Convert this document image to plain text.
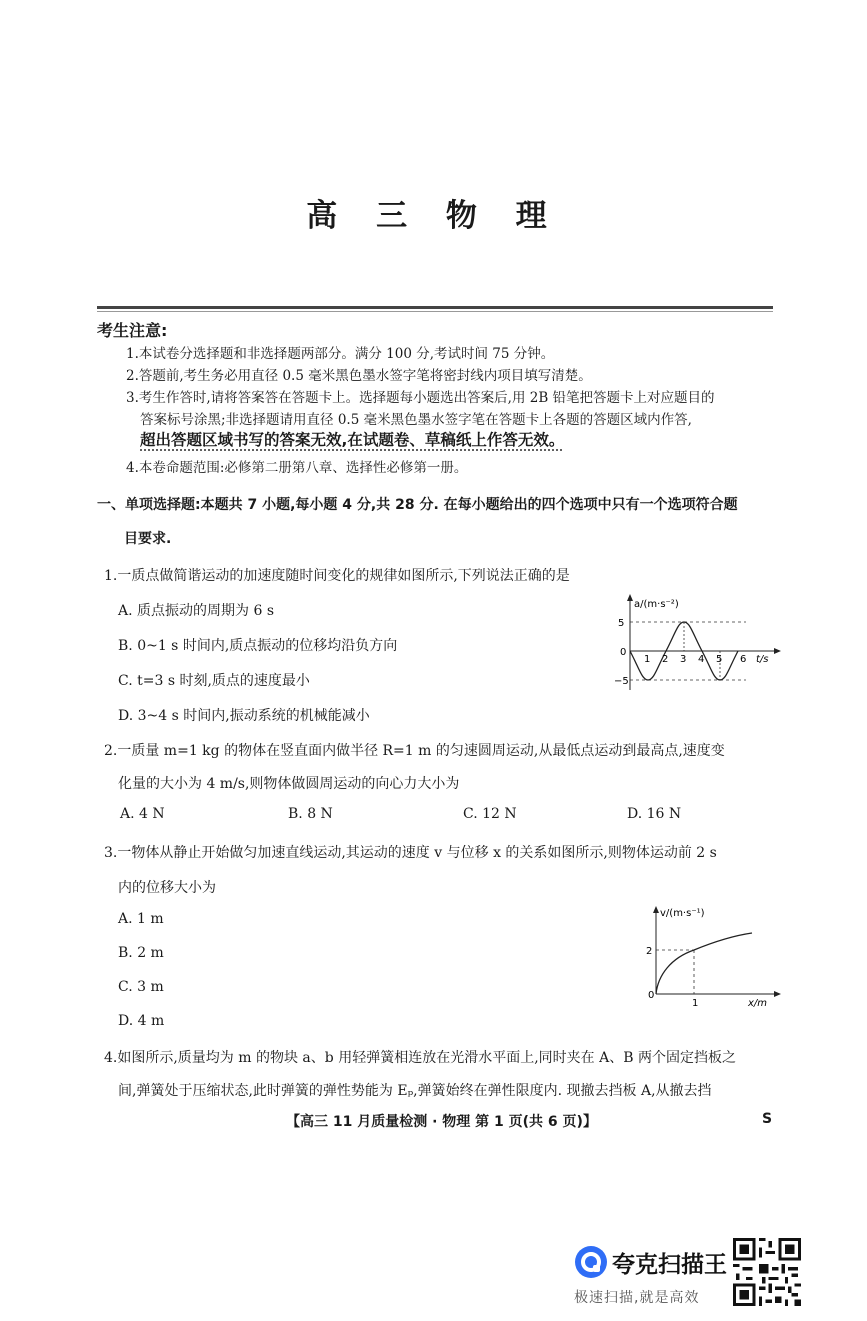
高 三 物 理
考生注意:
1.本试卷分选择题和非选择题两部分。满分 100 分,考试时间 75 分钟。
2.答题前,考生务必用直径 0.5 毫米黑色墨水签字笔将密封线内项目填写清楚。
3.考生作答时,请将答案答在答题卡上。选择题每小题选出答案后,用 2B 铅笔把答题卡上对应题目的
答案标号涂黑;非选择题请用直径 0.5 毫米黑色墨水签字笔在答题卡上各题的答题区域内作答,
超出答题区域书写的答案无效,在试题卷、草稿纸上作答无效。
4.本卷命题范围:必修第二册第八章、选择性必修第一册。
一、单项选择题:本题共 7 小题,每小题 4 分,共 28 分. 在每小题给出的四个选项中只有一个选项符合题
目要求.
1.一质点做简谐运动的加速度随时间变化的规律如图所示,下列说法正确的是
A. 质点振动的周期为 6 s
B. 0~1 s 时间内,质点振动的位移均沿负方向
C. t=3 s 时刻,质点的速度最小
D. 3~4 s 时间内,振动系统的机械能减小
a/(m·s⁻²)
5
−5
0
1 2 3 4 5 6 t/s
2.一质量 m=1 kg 的物体在竖直面内做半径 R=1 m 的匀速圆周运动,从最低点运动到最高点,速度变
化量的大小为 4 m/s,则物体做圆周运动的向心力大小为
A. 4 N	B. 8 N	C. 12 N	D. 16 N
3.一物体从静止开始做匀加速直线运动,其运动的速度 v 与位移 x 的关系如图所示,则物体运动前 2 s
内的位移大小为
A. 1 m
B. 2 m
C. 3 m
D. 4 m
v/(m·s⁻¹)
2
0
1	x/m
4.如图所示,质量均为 m 的物块 a、b 用轻弹簧相连放在光滑水平面上,同时夹在 A、B 两个固定挡板之
间,弹簧处于压缩状态,此时弹簧的弹性势能为 Eₚ,弹簧始终在弹性限度内. 现撤去挡板 A,从撤去挡
【高三 11 月质量检测 · 物理 第 1 页(共 6 页)】	S
夸克扫描王
极速扫描,就是高效
